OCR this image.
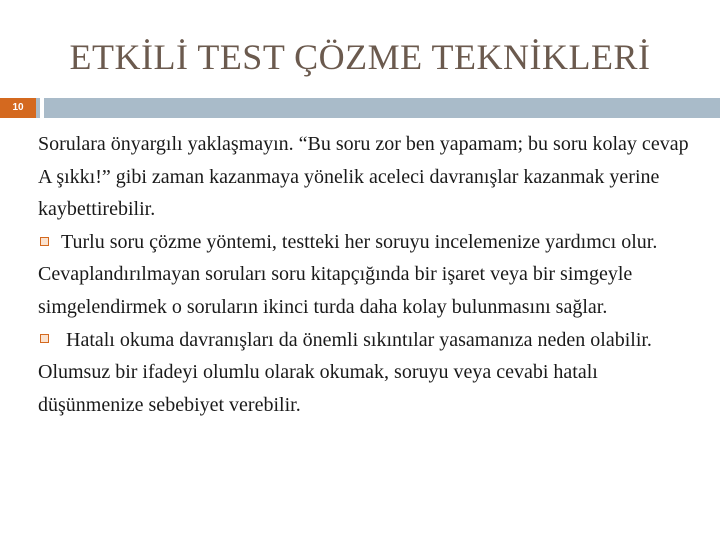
ETKİLİ TEST ÇÖZME TEKNİKLERİ
10

Sorulara önyargılı yaklaşmayın. “Bu soru zor ben yapamam; bu soru kolay cevap A şıkkı!” gibi zaman kazanmaya yönelik aceleci davranışlar kazanmak yerine kaybettirebilir.

Turlu soru çözme yöntemi, testteki her soruyu incelemenize yardımcı olur. Cevaplandırılmayan soruları soru kitapçığında bir işaret veya bir simgeyle simgelendirmek o soruların ikinci turda daha kolay bulunmasını sağlar.

Hatalı okuma davranışları da önemli sıkıntılar yasamanıza neden olabilir. Olumsuz bir ifadeyi olumlu olarak okumak, soruyu veya cevabi hatalı düşünmenize sebebiyet verebilir.
